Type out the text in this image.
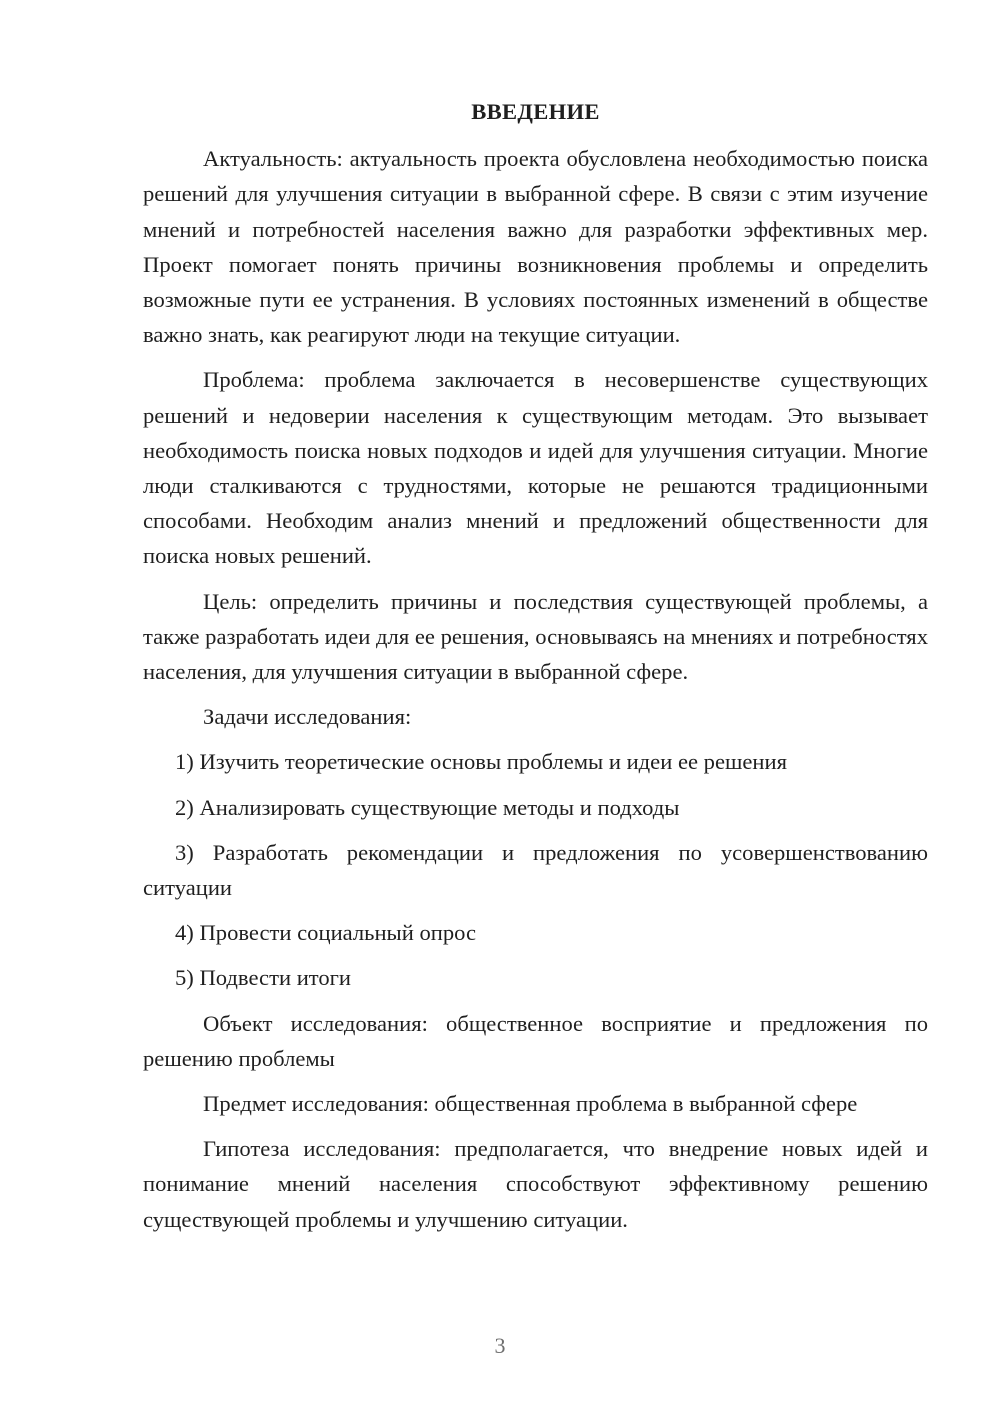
ВВЕДЕНИЕ

Актуальность: актуальность проекта обусловлена необходимостью поиска решений для улучшения ситуации в выбранной сфере. В связи с этим изучение мнений и потребностей населения важно для разработки эффективных мер. Проект помогает понять причины возникновения проблемы и определить возможные пути ее устранения. В условиях постоянных изменений в обществе важно знать, как реагируют люди на текущие ситуации.

Проблема: проблема заключается в несовершенстве существующих решений и недоверии населения к существующим методам. Это вызывает необходимость поиска новых подходов и идей для улучшения ситуации. Многие люди сталкиваются с трудностями, которые не решаются традиционными способами. Необходим анализ мнений и предложений общественности для поиска новых решений.

Цель: определить причины и последствия существующей проблемы, а также разработать идеи для ее решения, основываясь на мнениях и потребностях населения, для улучшения ситуации в выбранной сфере.

Задачи исследования:

1) Изучить теоретические основы проблемы и идеи ее решения

2) Анализировать существующие методы и подходы

3) Разработать рекомендации и предложения по усовершенствованию ситуации

4) Провести социальный опрос

5) Подвести итоги

Объект исследования: общественное восприятие и предложения по решению проблемы

Предмет исследования: общественная проблема в выбранной сфере

Гипотеза исследования: предполагается, что внедрение новых идей и понимание мнений населения способствуют эффективному решению существующей проблемы и улучшению ситуации.

3
